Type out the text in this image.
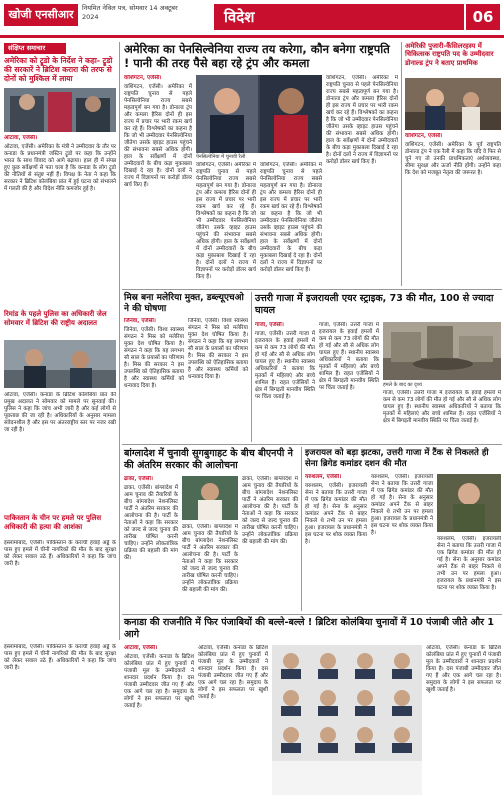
खोजी एनसीआर	नियमित नेविल पत्र, सोमवार 14 अक्टूबर 2024	विदेश	06
संक्षिप्त समाचार
अमेरिका को ट्रूडो के निर्देश ने कहा- ट्रूडो की सरकारें ने ब्रिटिश करारा की तरफ से दोनों को मुश्किल में लाया
ओटावा, एजेंसी।
ओटावा, एजेंसी। अमेरिका के मंत्री ने उम्मीदवार के तौर पर कनाडा के प्रधानमंत्री जस्टिन ट्रूडो पर कहा कि उन्होंने भारत के साथ विवाद को आगे बढ़ाया। हाल ही में संपन्न हुए कुछ सर्वेक्षणों से पता चला है कि कनाडा के लोग ट्रूडो की नीतियों से संतुष्ट नहीं हैं। विपक्ष के नेता ने कहा कि सरकार ने ब्रिटिश कोलंबिया प्रांत में हुई घटना को संभालने में गलती की है और विदेश नीति कमजोर हुई है।
रिमांड के पहले पुलिस का अधिकारी जेल सोमवार में ब्रिटिश की राष्ट्रीय अदालत
ओटावा, एजेंसी। कनाडा के ब्रिटिश कोलंबिया प्रांत की प्रमुख अदालत ने सोमवार को मामले पर सुनवाई की। पुलिस ने कहा कि जांच अभी जारी है और कई लोगों से पूछताछ की जा रही है। अधिकारियों के अनुसार मामला संवेदनशील है और इस पर अंतरराष्ट्रीय स्तर पर नजर रखी जा रही है।
पाकिस्तान के चीन पर हमले पर पुलिस अधिकारी की हत्या की आशंका
इस्लामाबाद, एजेंसी। पाकिस्तान के कराची हवाई अड्डे के पास हुए हमले में चीनी नागरिकों की मौत के बाद सुरक्षा को लेकर सवाल उठे हैं। अधिकारियों ने कहा कि जांच जारी है।
अमेरिका का पेनसिल्वेनिया राज्य तय करेगा, कौन बनेगा राष्ट्रपति ! पानी की तरह पैसे बहा रहे ट्रंप और कमला
वाशिंगटन, एजेंसी।
वाशिंगटन, एजेंसी। अमेरिका में राष्ट्रपति चुनाव से पहले पेनसिल्वेनिया राज्य सबसे महत्वपूर्ण बन गया है। डोनाल्ड ट्रंप और कमला हैरिस दोनों ही इस राज्य में प्रचार पर भारी रकम खर्च कर रहे हैं। विश्लेषकों का कहना है कि जो भी उम्मीदवार पेनसिल्वेनिया जीतेगा उसके व्हाइट हाउस पहुंचने की संभावना सबसे अधिक होगी। हाल के सर्वेक्षणों में दोनों उम्मीदवारों के बीच कड़ा मुकाबला दिखाई दे रहा है। दोनों दलों ने राज्य में विज्ञापनों पर करोड़ों डॉलर खर्च किए हैं।
पेनसिल्वेनिया में चुनावी रैली
वाशिंगटन, एजेंसी। अमेरिका में राष्ट्रपति चुनाव से पहले पेनसिल्वेनिया राज्य सबसे महत्वपूर्ण बन गया है। डोनाल्ड ट्रंप और कमला हैरिस दोनों ही इस राज्य में प्रचार पर भारी रकम खर्च कर रहे हैं। विश्लेषकों का कहना है कि जो भी उम्मीदवार पेनसिल्वेनिया जीतेगा उसके व्हाइट हाउस पहुंचने की संभावना सबसे अधिक होगी। हाल के सर्वेक्षणों में दोनों उम्मीदवारों के बीच कड़ा मुकाबला दिखाई दे रहा है। दोनों दलों ने राज्य में विज्ञापनों पर करोड़ों डॉलर खर्च किए हैं।
वाशिंगटन, एजेंसी। अमेरिका में राष्ट्रपति चुनाव से पहले पेनसिल्वेनिया राज्य सबसे महत्वपूर्ण बन गया है। डोनाल्ड ट्रंप और कमला हैरिस दोनों ही इस राज्य में प्रचार पर भारी रकम खर्च कर रहे हैं। विश्लेषकों का कहना है कि जो भी उम्मीदवार पेनसिल्वेनिया जीतेगा उसके व्हाइट हाउस पहुंचने की संभावना सबसे अधिक होगी। हाल के सर्वेक्षणों में दोनों उम्मीदवारों के बीच कड़ा मुकाबला दिखाई दे रहा है। दोनों दलों ने राज्य में विज्ञापनों पर करोड़ों डॉलर खर्च किए हैं।
वाशिंगटन, एजेंसी। अमेरिका में राष्ट्रपति चुनाव से पहले पेनसिल्वेनिया राज्य सबसे महत्वपूर्ण बन गया है। डोनाल्ड ट्रंप और कमला हैरिस दोनों ही इस राज्य में प्रचार पर भारी रकम खर्च कर रहे हैं। विश्लेषकों का कहना है कि जो भी उम्मीदवार पेनसिल्वेनिया जीतेगा उसके व्हाइट हाउस पहुंचने की संभावना सबसे अधिक होगी। हाल के सर्वेक्षणों में दोनों उम्मीदवारों के बीच कड़ा मुकाबला दिखाई दे रहा है। दोनों दलों ने राज्य में विज्ञापनों पर करोड़ों डॉलर खर्च किए हैं।
अमेरिकी पुजारी-कैंसिलरहस्य में चिकित्सक राष्ट्रपति पद के उम्मीदवार डोनाल्ड ट्रंप ने बताए प्राथमिक
वाशिंगटन, एजेंसी।
वाशिंगटन, एजेंसी। अमेरिका के पूर्व राष्ट्रपति डोनाल्ड ट्रंप ने एक रैली में कहा कि यदि वे फिर से चुने गए तो उनकी प्राथमिकताएं अर्थव्यवस्था, सीमा सुरक्षा और ऊर्जा नीति होंगी। उन्होंने कहा कि देश को मजबूत नेतृत्व की जरूरत है।
मिस्र बना मलेरिया मुक्त, डब्ल्यूएचओ ने की घोषणा
जिनेवा, एजेंसी।
जिनेवा, एजेंसी। विश्व स्वास्थ्य संगठन ने मिस्र को मलेरिया मुक्त देश घोषित किया है। संगठन ने कहा कि यह लगभग सौ साल के प्रयासों का परिणाम है। मिस्र की सरकार ने इस उपलब्धि को ऐतिहासिक बताया है और स्वास्थ्य कर्मियों को धन्यवाद दिया है।
जिनेवा, एजेंसी। विश्व स्वास्थ्य संगठन ने मिस्र को मलेरिया मुक्त देश घोषित किया है। संगठन ने कहा कि यह लगभग सौ साल के प्रयासों का परिणाम है। मिस्र की सरकार ने इस उपलब्धि को ऐतिहासिक बताया है और स्वास्थ्य कर्मियों को धन्यवाद दिया है।
उत्तरी गाजा में इजरायली एयर स्ट्राइक, 73 की मौत, 100 से ज्यादा घायल
गाजा, एजेंसी।
गाजा, एजेंसी। उत्तरी गाजा में इजरायल के हवाई हमलों में कम से कम 73 लोगों की मौत हो गई और सौ से अधिक लोग घायल हुए हैं। स्थानीय स्वास्थ्य अधिकारियों ने बताया कि मृतकों में महिलाएं और बच्चे शामिल हैं। राहत एजेंसियों ने क्षेत्र में बिगड़ती मानवीय स्थिति पर चिंता जताई है।
गाजा, एजेंसी। उत्तरी गाजा में इजरायल के हवाई हमलों में कम से कम 73 लोगों की मौत हो गई और सौ से अधिक लोग घायल हुए हैं। स्थानीय स्वास्थ्य अधिकारियों ने बताया कि मृतकों में महिलाएं और बच्चे शामिल हैं। राहत एजेंसियों ने क्षेत्र में बिगड़ती मानवीय स्थिति पर चिंता जताई है।	हमले के बाद का दृश्य
गाजा, एजेंसी। उत्तरी गाजा में इजरायल के हवाई हमलों में कम से कम 73 लोगों की मौत हो गई और सौ से अधिक लोग घायल हुए हैं। स्थानीय स्वास्थ्य अधिकारियों ने बताया कि मृतकों में महिलाएं और बच्चे शामिल हैं। राहत एजेंसियों ने क्षेत्र में बिगड़ती मानवीय स्थिति पर चिंता जताई है।
बांग्लादेश में चुनावी सुगबुगाहट के बीच बीएनपी ने की अंतरिम सरकार की आलोचना
ढाका, एजेंसी।
ढाका, एजेंसी। बांग्लादेश में आम चुनाव की तैयारियों के बीच बांग्लादेश नेशनलिस्ट पार्टी ने अंतरिम सरकार की आलोचना की है। पार्टी के नेताओं ने कहा कि सरकार को जल्द से जल्द चुनाव की तारीख घोषित करनी चाहिए। उन्होंने लोकतांत्रिक प्रक्रिया की बहाली की मांग की।
ढाका, एजेंसी। बांग्लादेश में आम चुनाव की तैयारियों के बीच बांग्लादेश नेशनलिस्ट पार्टी ने अंतरिम सरकार की आलोचना की है। पार्टी के नेताओं ने कहा कि सरकार को जल्द से जल्द चुनाव की तारीख घोषित करनी चाहिए। उन्होंने लोकतांत्रिक प्रक्रिया की बहाली की मांग की।
ढाका, एजेंसी। बांग्लादेश में आम चुनाव की तैयारियों के बीच बांग्लादेश नेशनलिस्ट पार्टी ने अंतरिम सरकार की आलोचना की है। पार्टी के नेताओं ने कहा कि सरकार को जल्द से जल्द चुनाव की तारीख घोषित करनी चाहिए। उन्होंने लोकतांत्रिक प्रक्रिया की बहाली की मांग की।
इजरायल को बड़ा झटका, उत्तरी गाजा में टैंक से निकलते ही सेना ब्रिगेड कमांडर दशन की मौत
यरुशलम, एजेंसी।
यरुशलम, एजेंसी। इजरायली सेना ने बताया कि उत्तरी गाजा में एक ब्रिगेड कमांडर की मौत हो गई है। सेना के अनुसार कमांडर अपने टैंक से बाहर निकले थे तभी उन पर हमला हुआ। इजरायल के प्रधानमंत्री ने इस घटना पर शोक व्यक्त किया है।
यरुशलम, एजेंसी। इजरायली सेना ने बताया कि उत्तरी गाजा में एक ब्रिगेड कमांडर की मौत हो गई है। सेना के अनुसार कमांडर अपने टैंक से बाहर निकले थे तभी उन पर हमला हुआ। इजरायल के प्रधानमंत्री ने इस घटना पर शोक व्यक्त किया है।
यरुशलम, एजेंसी। इजरायली सेना ने बताया कि उत्तरी गाजा में एक ब्रिगेड कमांडर की मौत हो गई है। सेना के अनुसार कमांडर अपने टैंक से बाहर निकले थे तभी उन पर हमला हुआ। इजरायल के प्रधानमंत्री ने इस घटना पर शोक व्यक्त किया है।
कनाडा की राजनीति में फिर पंजाबियों की बल्ले-बल्ले ! ब्रिटिश कोलंबिया चुनावों में 10 पंजाबी जीते और 1 आगे
ओटावा, एजेंसी।
ओटावा, एजेंसी। कनाडा के ब्रिटिश कोलंबिया प्रांत में हुए चुनावों में पंजाबी मूल के उम्मीदवारों ने शानदार प्रदर्शन किया है। दस पंजाबी उम्मीदवार जीत गए हैं और एक आगे चल रहा है। समुदाय के लोगों ने इस सफलता पर खुशी जताई है।
ओटावा, एजेंसी। कनाडा के ब्रिटिश कोलंबिया प्रांत में हुए चुनावों में पंजाबी मूल के उम्मीदवारों ने शानदार प्रदर्शन किया है। दस पंजाबी उम्मीदवार जीत गए हैं और एक आगे चल रहा है। समुदाय के लोगों ने इस सफलता पर खुशी जताई है।
ओटावा, एजेंसी। कनाडा के ब्रिटिश कोलंबिया प्रांत में हुए चुनावों में पंजाबी मूल के उम्मीदवारों ने शानदार प्रदर्शन किया है। दस पंजाबी उम्मीदवार जीत गए हैं और एक आगे चल रहा है। समुदाय के लोगों ने इस सफलता पर खुशी जताई है।
इस्लामाबाद, एजेंसी। पाकिस्तान के कराची हवाई अड्डे के पास हुए हमले में चीनी नागरिकों की मौत के बाद सुरक्षा को लेकर सवाल उठे हैं। अधिकारियों ने कहा कि जांच जारी है।
